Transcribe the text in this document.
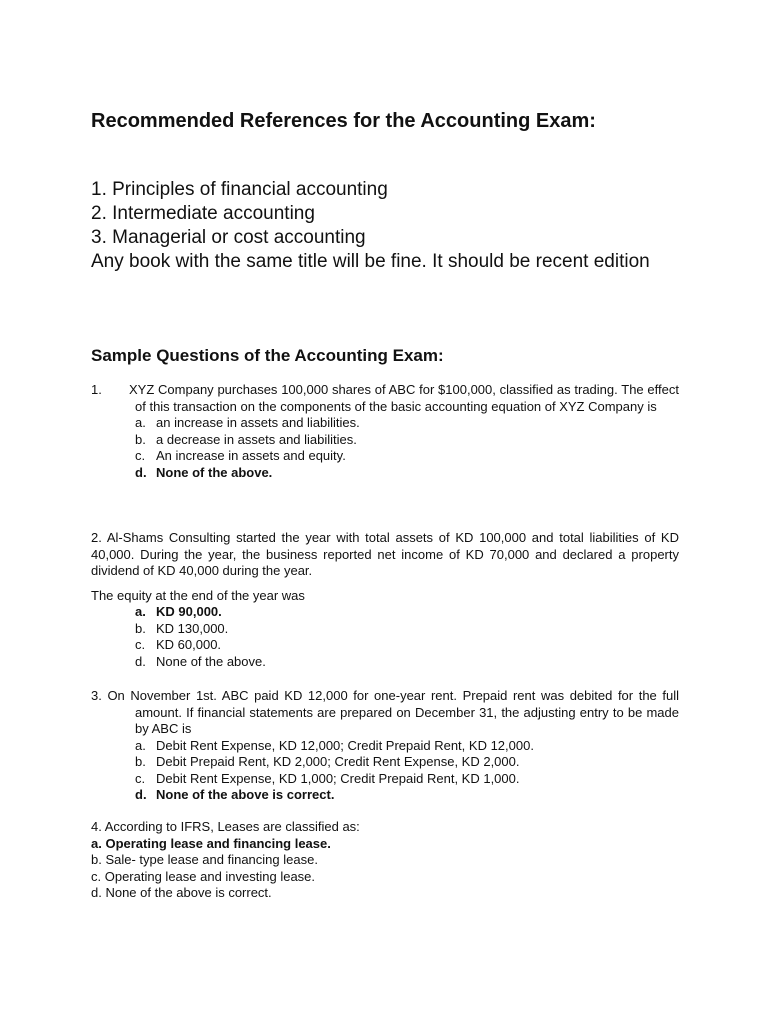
Recommended References for the Accounting Exam:
1. Principles of financial accounting
2. Intermediate accounting
3. Managerial or cost accounting

Any book with the same title will be fine. It should be recent edition

Sample Questions of the Accounting Exam:
1.	XYZ Company purchases 100,000 shares of ABC for $100,000, classified as trading. The effect of this transaction on the components of the basic accounting equation of XYZ Company is

a. an increase in assets and liabilities.
b. a decrease in assets and liabilities.
c. An increase in assets and equity.
d. None of the above.

2. Al-Shams Consulting started the year with total assets of KD 100,000 and total liabilities of KD 40,000. During the year, the business reported net income of KD 70,000 and declared a property dividend of KD 40,000 during the year.

The equity at the end of the year was

a. KD 90,000.
b. KD 130,000.
c. KD 60,000.
d. None of the above.

3. On November 1st. ABC paid KD 12,000 for one-year rent. Prepaid rent was debited for the full amount. If financial statements are prepared on December 31, the adjusting entry to be made by ABC is

a. Debit Rent Expense, KD 12,000; Credit Prepaid Rent, KD 12,000.
b. Debit Prepaid Rent, KD 2,000; Credit Rent Expense, KD 2,000.
c. Debit Rent Expense, KD 1,000; Credit Prepaid Rent, KD 1,000.
d. None of the above is correct.

4. According to IFRS, Leases are classified as:

a. Operating lease and financing lease.

b. Sale- type lease and financing lease.

c. Operating lease and investing lease.

d. None of the above is correct.
